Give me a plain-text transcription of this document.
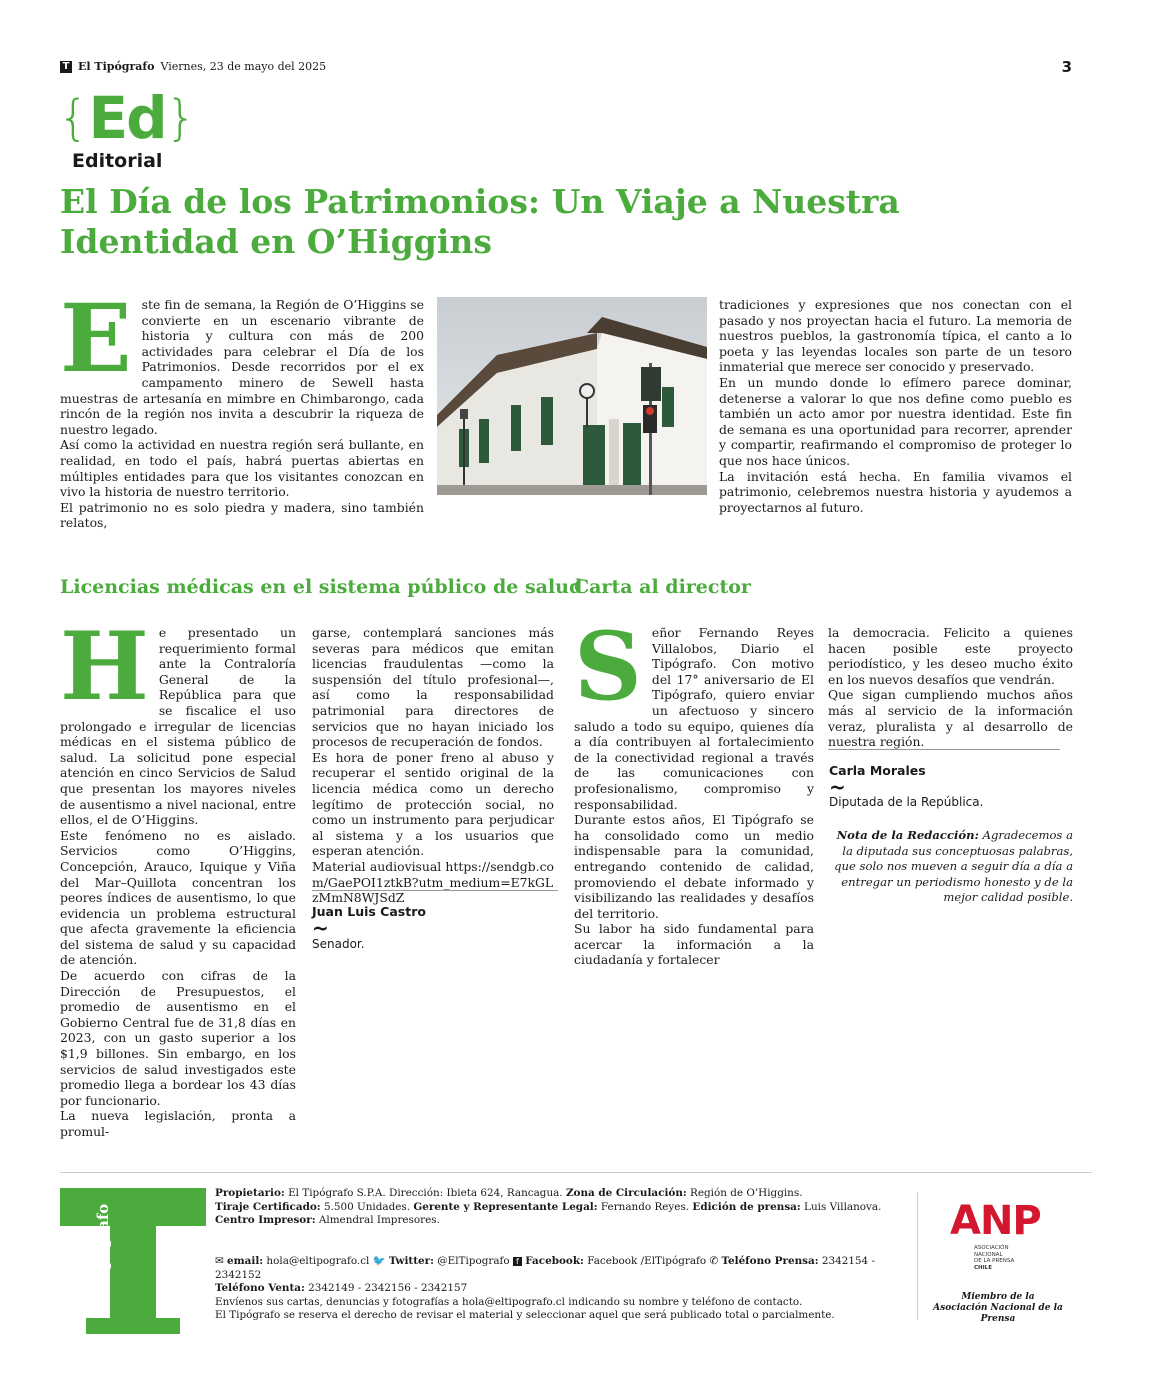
T El Tipógrafo Viernes, 23 de mayo del 2025	3
{Ed}
Editorial
El Día de los Patrimonios: Un Viaje a Nuestra Identidad en O’Higgins

Este fin de semana, la Región de O’Higgins se convierte en un escenario vibrante de historia y cultura con más de 200 actividades para celebrar el Día de los Patrimonios. Desde recorridos por el ex campamento minero de Sewell hasta muestras de artesanía en mimbre en Chimbarongo, cada rincón de la región nos invita a descubrir la riqueza de nuestro legado.

Así como la actividad en nuestra región será bullante, en realidad, en todo el país, habrá puertas abiertas en múltiples entidades para que los visitantes conozcan en vivo la historia de nuestro territorio.

El patrimonio no es solo piedra y madera, sino también relatos,

tradiciones y expresiones que nos conectan con el pasado y nos proyectan hacia el futuro. La memoria de nuestros pueblos, la gastronomía típica, el canto a lo poeta y las leyendas locales son parte de un tesoro inmaterial que merece ser conocido y preservado.

En un mundo donde lo efímero parece dominar, detenerse a valorar lo que nos define como pueblo es también un acto amor por nuestra identidad. Este fin de semana es una oportunidad para recorrer, aprender y compartir, reafirmando el compromiso de proteger lo que nos hace únicos.

La invitación está hecha. En familia vivamos el patrimonio, celebremos nuestra historia y ayudemos a proyectarnos al futuro.

Licencias médicas en el sistema público de salud

He presentado un requerimiento formal ante la Contraloría General de la República para que se fiscalice el uso prolongado e irregular de licencias médicas en el sistema público de salud. La solicitud pone especial atención en cinco Servicios de Salud que presentan los mayores niveles de ausentismo a nivel nacional, entre ellos, el de O’Higgins.

Este fenómeno no es aislado. Servicios como O’Higgins, Concepción, Arauco, Iquique y Viña del Mar–Quillota concentran los peores índices de ausentismo, lo que evidencia un problema estructural que afecta gravemente la eficiencia del sistema de salud y su capacidad de atención.

De acuerdo con cifras de la Dirección de Presupuestos, el promedio de ausentismo en el Gobierno Central fue de 31,8 días en 2023, con un gasto superior a los $1,9 billones. Sin embargo, en los servicios de salud investigados este promedio llega a bordear los 43 días por funcionario.

La nueva legislación, pronta a promul-

garse, contemplará sanciones más severas para médicos que emitan licencias fraudulentas —como la suspensión del título profesional—, así como la responsabilidad patrimonial para directores de servicios que no hayan iniciado los procesos de recuperación de fondos.

Es hora de poner freno al abuso y recuperar el sentido original de la licencia médica como un derecho legítimo de protección social, no como un instrumento para perjudicar al sistema y a los usuarios que esperan atención.

Material audiovisual https://sendgb.com/GaePOI1ztkB?utm_medium=E7kGLzMmN8WJSdZ

Juan Luis Castro
~
Senador.
Carta al director

Señor Fernando Reyes Villalobos, Diario el Tipógrafo. Con motivo del 17° aniversario de El Tipógrafo, quiero enviar un afectuoso y sincero saludo a todo su equipo, quienes día a día contribuyen al fortalecimiento de la conectividad regional a través de las comunicaciones con profesionalismo, compromiso y responsabilidad.

Durante estos años, El Tipógrafo se ha consolidado como un medio indispensable para la comunidad, entregando contenido de calidad, promoviendo el debate informado y visibilizando las realidades y desafíos del territorio.

Su labor ha sido fundamental para acercar la información a la ciudadanía y fortalecer

la democracia. Felicito a quienes hacen posible este proyecto periodístico, y les deseo mucho éxito en los nuevos desafíos que vendrán.

Que sigan cumpliendo muchos años más al servicio de la información veraz, pluralista y al desarrollo de nuestra región.

Carla Morales
~
Diputada de la República.
Nota de la Redacción: Agradecemos a la diputada sus conceptuosas palabras, que solo nos mueven a seguir día a día a entregar un periodismo honesto y de la mejor calidad posible.
El Tipógrafo

Propietario: El Tipógrafo S.P.A. Dirección: Ibieta 624, Rancagua. Zona de Circulación: Región de O’Higgins.

Tiraje Certificado: 5.500 Unidades. Gerente y Representante Legal: Fernando Reyes. Edición de prensa: Luis Villanova.

Centro Impresor: Almendral Impresores.

✉ email: hola@eltipografo.cl 🐦 Twitter: @ElTipografo f Facebook: Facebook /ElTipógrafo ✆ Teléfono Prensa: 2342154 - 2342152

Teléfono Venta: 2342149 - 2342156 - 2342157

Envíenos sus cartas, denuncias y fotografías a hola@eltipografo.cl indicando su nombre y teléfono de contacto.

El Tipógrafo se reserva el derecho de revisar el material y seleccionar aquel que será publicado total o parcialmente.

ANP
ASOCIACIÓN
NACIONAL
DE LA PRENSA
CHILE
Miembro de la
Asociación Nacional de la Prensa
